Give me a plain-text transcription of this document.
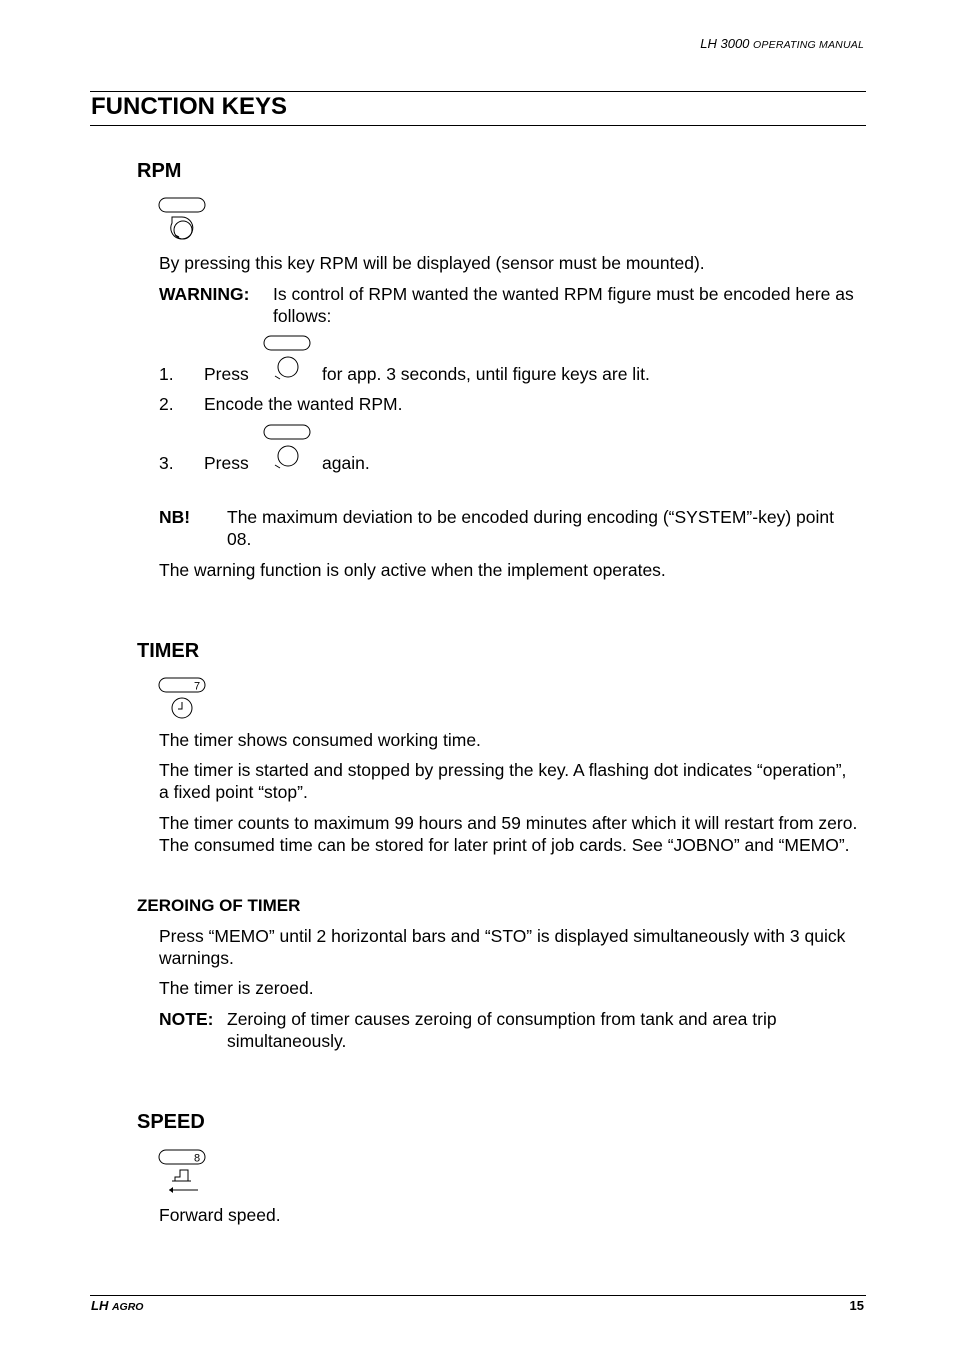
LH 3000 OPERATING MANUAL
FUNCTION KEYS
RPM
By pressing this key RPM will be displayed (sensor must be mounted).
WARNING: Is control of RPM wanted the wanted RPM figure must be encoded here as follows:
1. Press	for app. 3 seconds, until figure keys are lit.
2. Encode the wanted RPM.
3. Press	again.
NB! The maximum deviation to be encoded during encoding (“SYSTEM”-key) point 08.
The warning function is only active when the implement operates.
TIMER
7
The timer shows consumed working time.
The timer is started and stopped by pressing the key. A flashing dot indicates “operation”, a fixed point “stop”.
The timer counts to maximum 99 hours and 59 minutes after which it will restart from zero. The consumed time can be stored for later print of job cards. See “JOBNO” and “MEMO”.
ZEROING OF TIMER
Press “MEMO” until 2 horizontal bars and “STO” is displayed simultaneously with 3 quick warnings.
The timer is zeroed.
NOTE: Zeroing of timer causes zeroing of consumption from tank and area trip simultaneously.
SPEED
8
Forward speed.
LH AGRO	15
